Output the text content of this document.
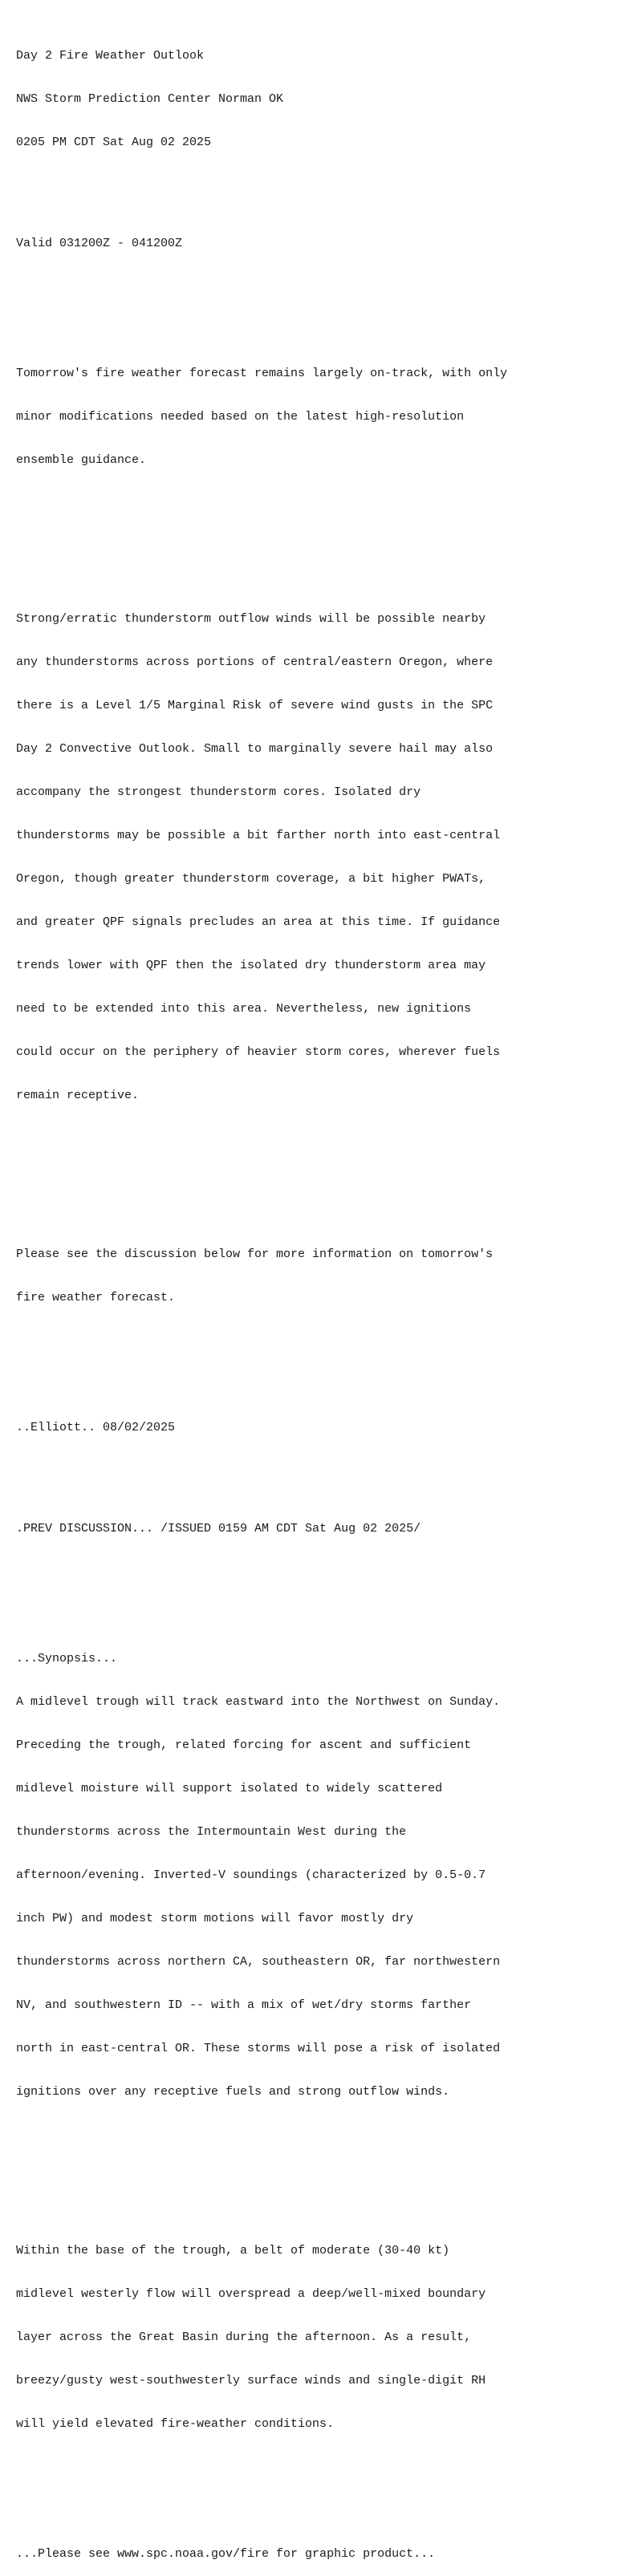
Day 2 Fire Weather Outlook

NWS Storm Prediction Center Norman OK

0205 PM CDT Sat Aug 02 2025

Valid 031200Z - 041200Z

Tomorrow's fire weather forecast remains largely on-track, with only

minor modifications needed based on the latest high-resolution

ensemble guidance.

Strong/erratic thunderstorm outflow winds will be possible nearby

any thunderstorms across portions of central/eastern Oregon, where

there is a Level 1/5 Marginal Risk of severe wind gusts in the SPC

Day 2 Convective Outlook. Small to marginally severe hail may also

accompany the strongest thunderstorm cores. Isolated dry

thunderstorms may be possible a bit farther north into east-central

Oregon, though greater thunderstorm coverage, a bit higher PWATs,

and greater QPF signals precludes an area at this time. If guidance

trends lower with QPF then the isolated dry thunderstorm area may

need to be extended into this area. Nevertheless, new ignitions

could occur on the periphery of heavier storm cores, wherever fuels

remain receptive.

Please see the discussion below for more information on tomorrow's

fire weather forecast.

..Elliott.. 08/02/2025

.PREV DISCUSSION... /ISSUED 0159 AM CDT Sat Aug 02 2025/

...Synopsis...

A midlevel trough will track eastward into the Northwest on Sunday.

Preceding the trough, related forcing for ascent and sufficient

midlevel moisture will support isolated to widely scattered

thunderstorms across the Intermountain West during the

afternoon/evening. Inverted-V soundings (characterized by 0.5-0.7

inch PW) and modest storm motions will favor mostly dry

thunderstorms across northern CA, southeastern OR, far northwestern

NV, and southwestern ID -- with a mix of wet/dry storms farther

north in east-central OR. These storms will pose a risk of isolated

ignitions over any receptive fuels and strong outflow winds.

Within the base of the trough, a belt of moderate (30-40 kt)

midlevel westerly flow will overspread a deep/well-mixed boundary

layer across the Great Basin during the afternoon. As a result,

breezy/gusty west-southwesterly surface winds and single-digit RH

will yield elevated fire-weather conditions.

...Please see www.spc.noaa.gov/fire for graphic product...
